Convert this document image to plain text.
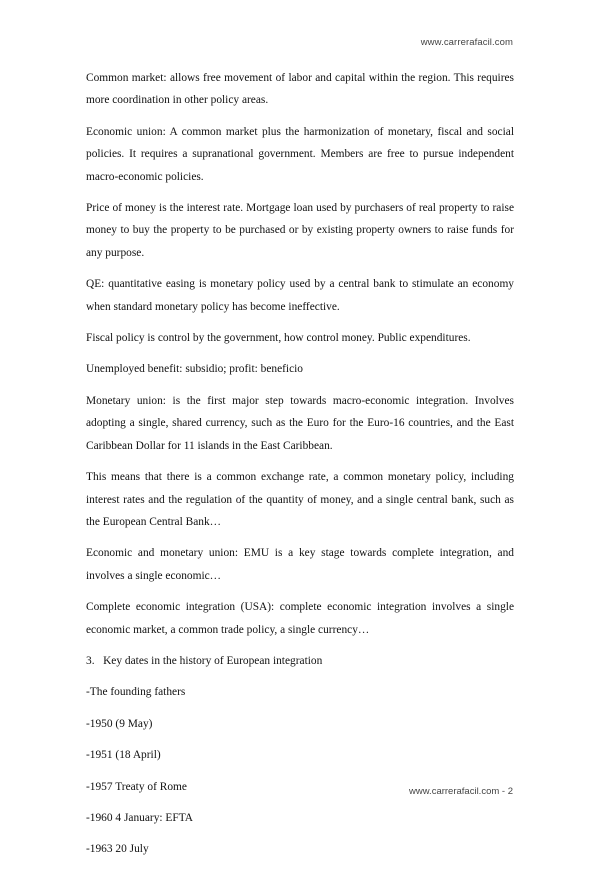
www.carrerafacil.com

Common market: allows free movement of labor and capital within the region. This requires more coordination in other policy areas.

Economic union: A common market plus the harmonization of monetary, fiscal and social policies. It requires a supranational government. Members are free to pursue independent macro-economic policies.

Price of money is the interest rate. Mortgage loan used by purchasers of real property to raise money to buy the property to be purchased or by existing property owners to raise funds for any purpose.

QE: quantitative easing is monetary policy used by a central bank to stimulate an economy when standard monetary policy has become ineffective.

Fiscal policy is control by the government, how control money. Public expenditures.

Unemployed benefit: subsidio; profit: beneficio

Monetary union: is the first major step towards macro-economic integration. Involves adopting a single, shared currency, such as the Euro for the Euro-16 countries, and the East Caribbean Dollar for 11 islands in the East Caribbean.

This means that there is a common exchange rate, a common monetary policy, including interest rates and the regulation of the quantity of money, and a single central bank, such as the European Central Bank…

Economic and monetary union: EMU is a key stage towards complete integration, and involves a single economic…

Complete economic integration (USA): complete economic integration involves a single economic market, a common trade policy, a single currency…

3.   Key dates in the history of European integration

-The founding fathers

-1950 (9 May)

-1951 (18 April)

-1957 Treaty of Rome

-1960 4 January: EFTA

-1963 20 July

www.carrerafacil.com - 2
